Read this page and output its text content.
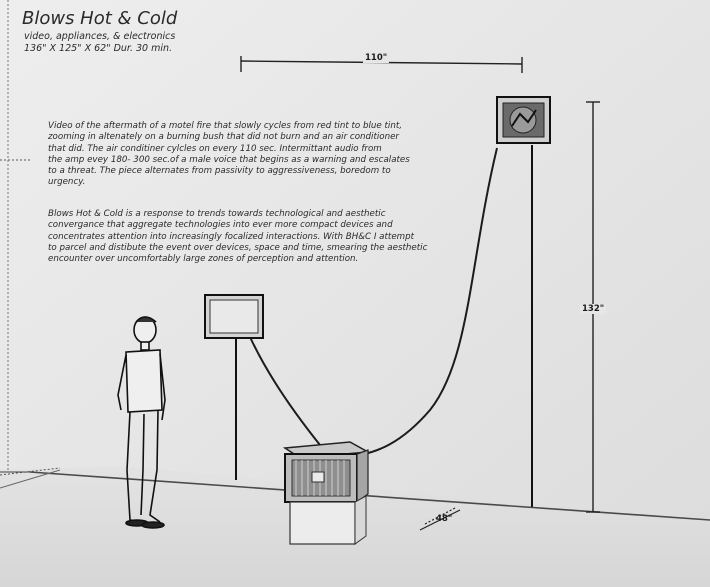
Blows Hot & Cold
video, appliances, & electronics
136" X 125" X 62" Dur. 30 min.

Video of the aftermath of a motel fire that slowly cycles from red tint to blue tint,
zooming in altenately on a burning bush that did not burn and an air conditioner
that did. The air conditiner cylcles on every 110 sec. Intermittant audio from
the amp evey 180- 300 sec.of a male voice that begins as a warning and escalates
to a threat. The piece alternates from passivity to aggressiveness, boredom to
urgency.

Blows Hot & Cold is a response to trends towards technological and aesthetic
convergance that aggregate technologies into ever more compact devices and
concentrates attention into increasingly focalized interactions. With BH&C I attempt
to parcel and distibute the event over devices, space and time, smearing the aesthetic
encounter over uncomfortably large zones of perception and attention.

110"
132"
48"
